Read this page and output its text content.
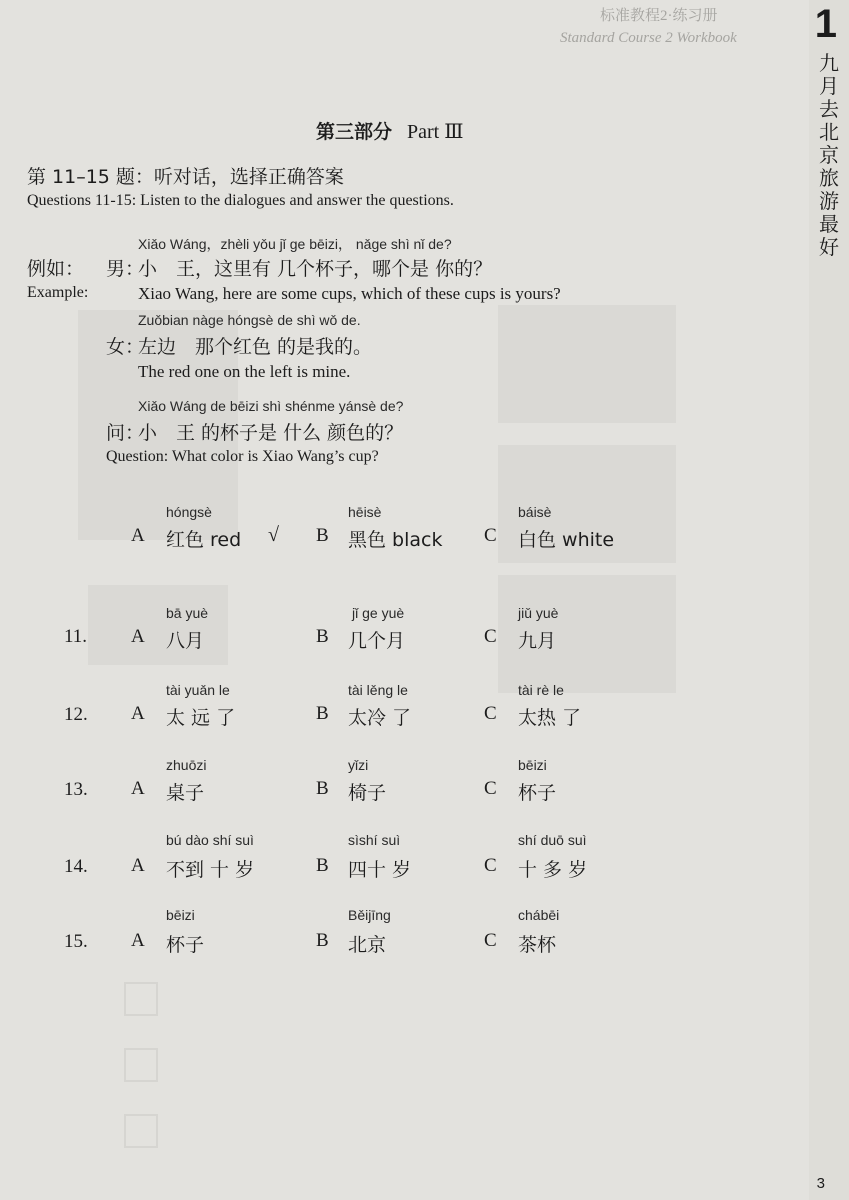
标准教程2·练习册
Standard Course 2 Workbook 1
九月去北京旅游最好
第三部分 Part Ⅲ
第 11–15 题：听对话，选择正确答案
Questions 11-15: Listen to the dialogues and answer the questions.
Xiǎo Wáng，zhèli yǒu jǐ ge bēizi， nǎge shì nǐ de?
例如： 男：
小　王，这里有 几个杯子，哪个是 你的？
Example:	Xiao Wang, here are some cups, which of these cups is yours?
Zuǒbian nàge hóngsè de shì wǒ de.
女：
左边　那个红色 的是我的。
The red one on the left is mine.
Xiǎo Wáng de bēizi shì shénme yánsè de?
问：
小　王 的杯子是 什么 颜色的？
Question: What color is Xiao Wang’s cup?
hóngsè
A 红色 red √
hēisè
B 黑色 black
báisè
C 白色 white
11.
bā yuè
A 八月
jǐ ge yuè
B 几个月
jiǔ yuè
C 九月
12.
tài yuǎn le
A 太 远 了
tài lěng le
B 太冷 了
tài rè le
C 太热 了
13.
zhuōzi
A 桌子
yǐzi
B 椅子
bēizi
C 杯子
14.
bú dào shí suì
A 不到 十 岁
sìshí suì
B 四十 岁
shí duō suì
C 十 多 岁
15.
bēizi
A 杯子
Běijīng
B 北京
chábēi
C 茶杯
3
